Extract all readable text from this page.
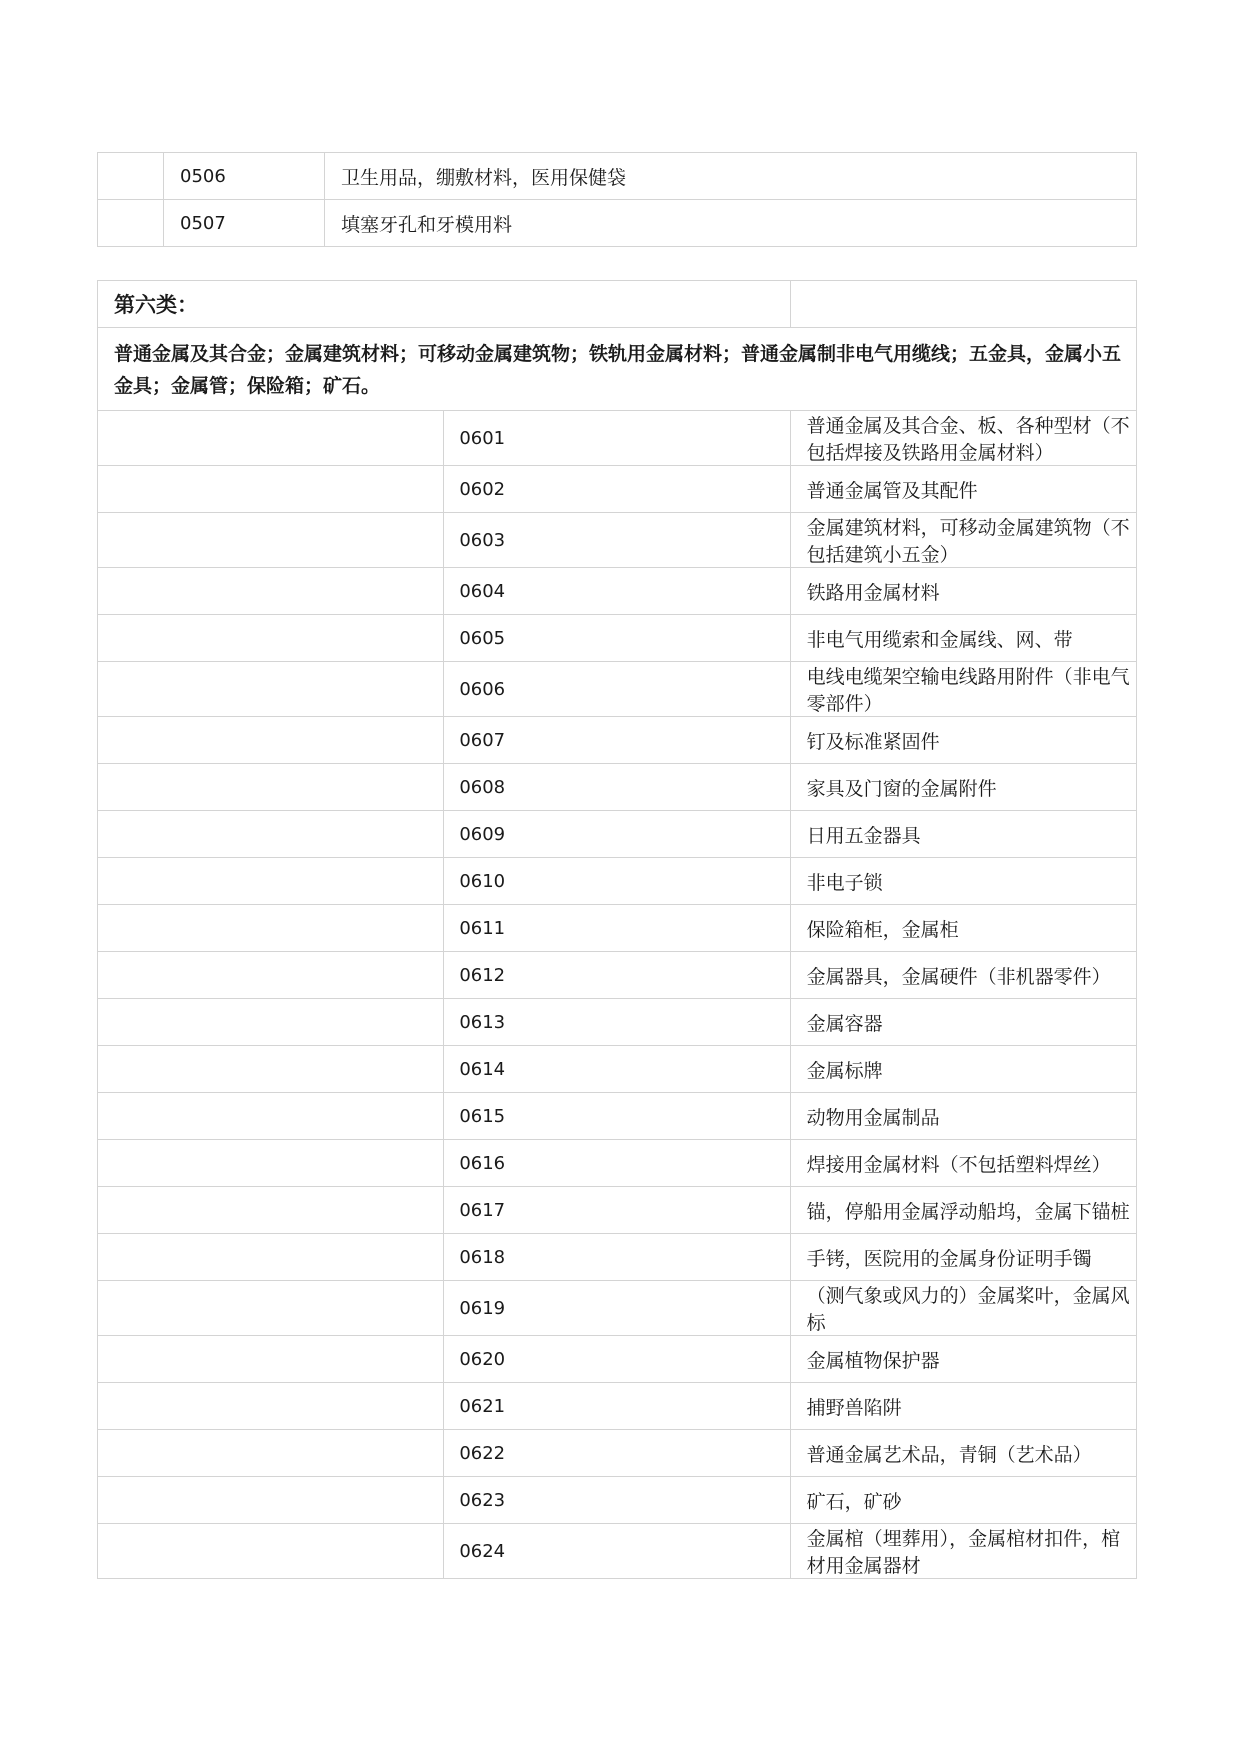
	0506	卫生用品，绷敷材料，医用保健袋
	0507	填塞牙孔和牙模用料
第六类：		
普通金属及其合金；金属建筑材料；可移动金属建筑物；铁轨用金属材料；普通金属制非电气用缆线；五金具，金属小五金具；金属管；保险箱；矿石。		
	0601	普通金属及其合金、板、各种型材（不包括焊接及铁路用金属材料）
	0602	普通金属管及其配件
	0603	金属建筑材料，可移动金属建筑物（不包括建筑小五金）
	0604	铁路用金属材料
	0605	非电气用缆索和金属线、网、带
	0606	电线电缆架空输电线路用附件（非电气零部件）
	0607	钉及标准紧固件
	0608	家具及门窗的金属附件
	0609	日用五金器具
	0610	非电子锁
	0611	保险箱柜，金属柜
	0612	金属器具，金属硬件（非机器零件）
	0613	金属容器
	0614	金属标牌
	0615	动物用金属制品
	0616	焊接用金属材料（不包括塑料焊丝）
	0617	锚，停船用金属浮动船坞，金属下锚桩
	0618	手铐，医院用的金属身份证明手镯
	0619	（测气象或风力的）金属桨叶，金属风标
	0620	金属植物保护器
	0621	捕野兽陷阱
	0622	普通金属艺术品，青铜（艺术品）
	0623	矿石，矿砂
	0624	金属棺（埋葬用），金属棺材扣件，棺材用金属器材
